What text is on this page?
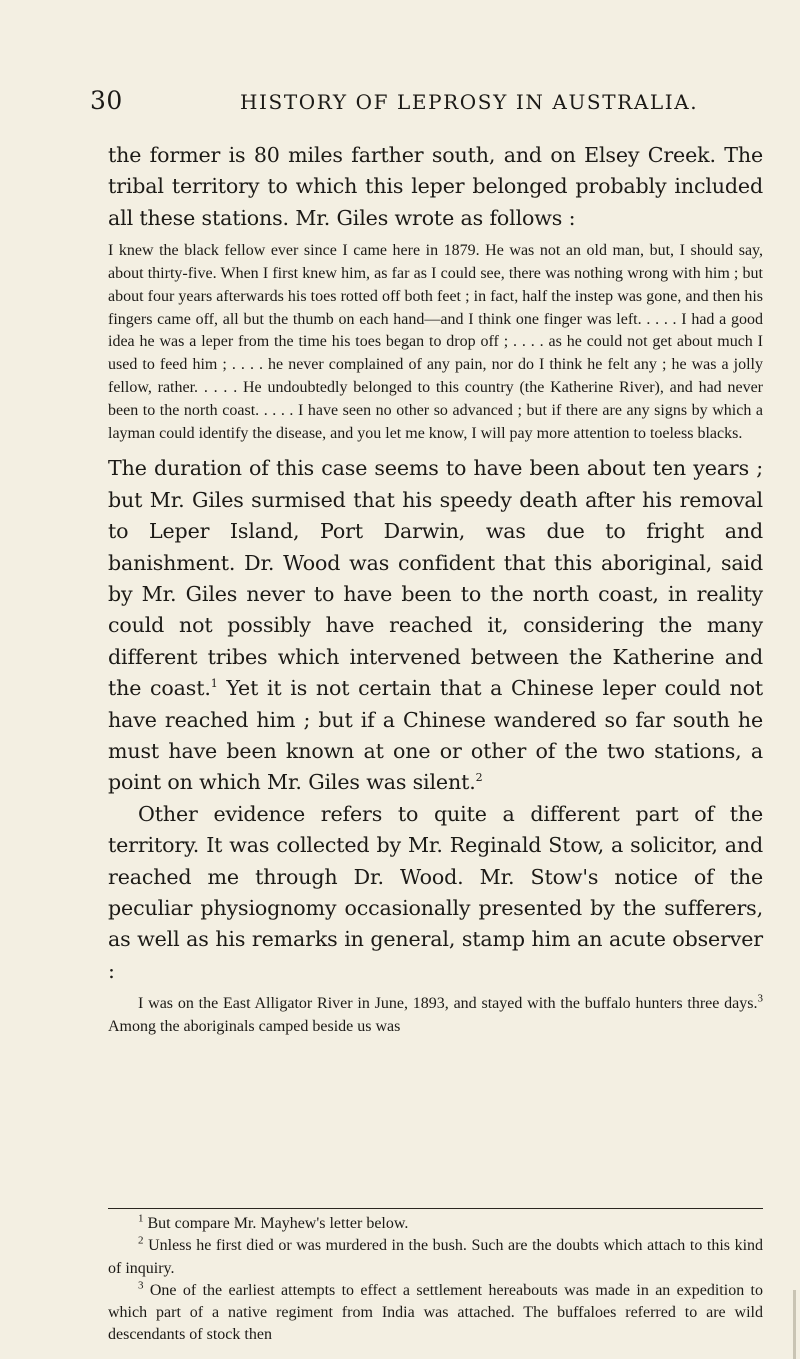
30	HISTORY OF LEPROSY IN AUSTRALIA.

the former is 80 miles farther south, and on Elsey Creek. The tribal territory to which this leper belonged probably included all these stations. Mr. Giles wrote as follows :

I knew the black fellow ever since I came here in 1879. He was not an old man, but, I should say, about thirty-five. When I first knew him, as far as I could see, there was nothing wrong with him ; but about four years afterwards his toes rotted off both feet ; in fact, half the instep was gone, and then his fingers came off, all but the thumb on each hand—and I think one finger was left. . . . . I had a good idea he was a leper from the time his toes began to drop off ; . . . . as he could not get about much I used to feed him ; . . . . he never complained of any pain, nor do I think he felt any ; he was a jolly fellow, rather. . . . . He undoubtedly belonged to this country (the Katherine River), and had never been to the north coast. . . . . I have seen no other so advanced ; but if there are any signs by which a layman could identify the disease, and you let me know, I will pay more attention to toeless blacks.

The duration of this case seems to have been about ten years ; but Mr. Giles surmised that his speedy death after his removal to Leper Island, Port Darwin, was due to fright and banishment. Dr. Wood was confident that this aboriginal, said by Mr. Giles never to have been to the north coast, in reality could not possibly have reached it, considering the many different tribes which intervened between the Katherine and the coast.$^1$ Yet it is not certain that a Chinese leper could not have reached him ; but if a Chinese wandered so far south he must have been known at one or other of the two stations, a point on which Mr. Giles was silent.$^2$

Other evidence refers to quite a different part of the territory. It was collected by Mr. Reginald Stow, a solicitor, and reached me through Dr. Wood. Mr. Stow's notice of the peculiar physiognomy occasionally presented by the sufferers, as well as his remarks in general, stamp him an acute observer :

I was on the East Alligator River in June, 1893, and stayed with the buffalo hunters three days.$^3$ Among the aboriginals camped beside us was

$^1$ But compare Mr. Mayhew's letter below.

$^2$ Unless he first died or was murdered in the bush. Such are the doubts which attach to this kind of inquiry.

$^3$ One of the earliest attempts to effect a settlement hereabouts was made in an expedition to which part of a native regiment from India was attached. The buffaloes referred to are wild descendants of stock then
